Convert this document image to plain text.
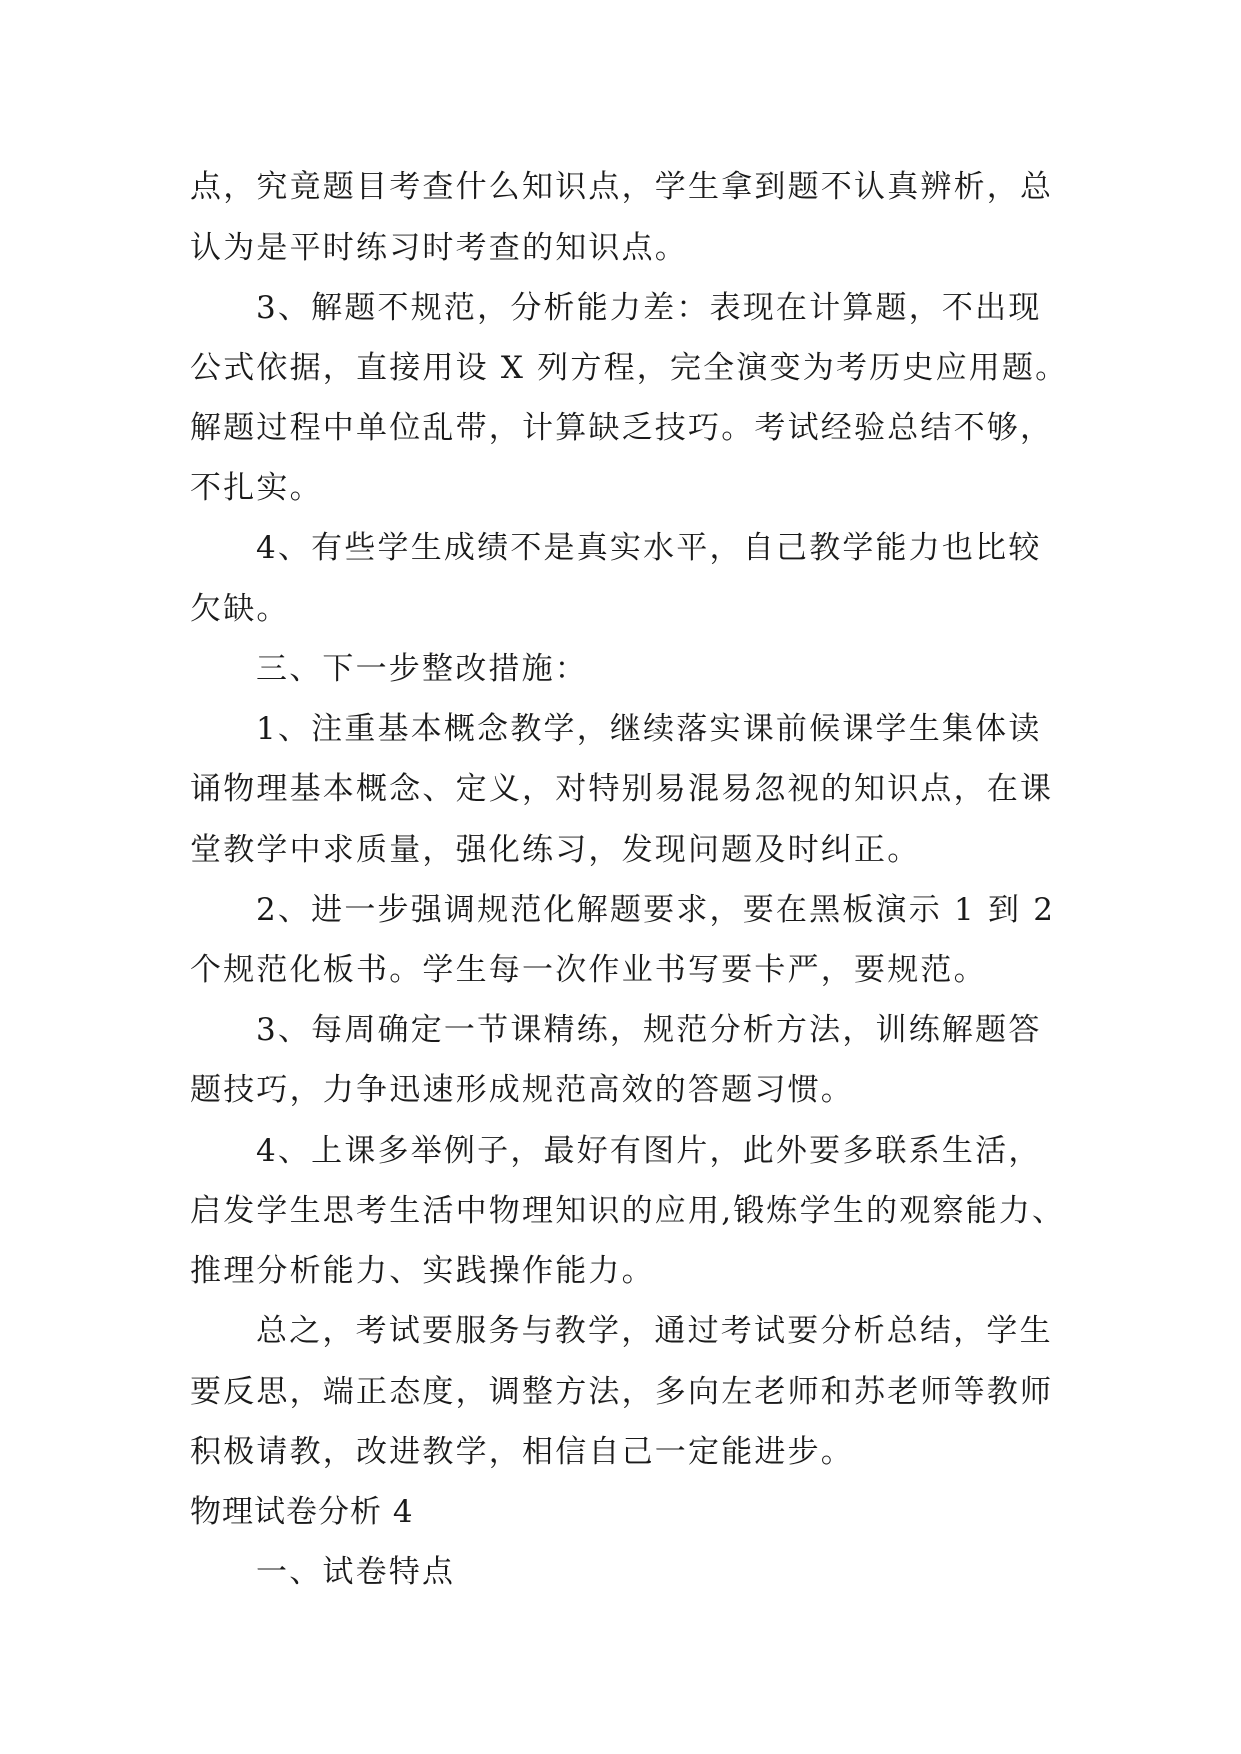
点，究竟题目考查什么知识点，学生拿到题不认真辨析，总
认为是平时练习时考查的知识点。
3、解题不规范，分析能力差：表现在计算题，不出现
公式依据，直接用设 X 列方程，完全演变为考历史应用题。
解题过程中单位乱带，计算缺乏技巧。考试经验总结不够，
不扎实。
4、有些学生成绩不是真实水平，自己教学能力也比较
欠缺。
三、下一步整改措施：
1、注重基本概念教学，继续落实课前候课学生集体读
诵物理基本概念、定义，对特别易混易忽视的知识点，在课
堂教学中求质量，强化练习，发现问题及时纠正。
2、进一步强调规范化解题要求，要在黑板演示 1 到 2
个规范化板书。学生每一次作业书写要卡严，要规范。
3、每周确定一节课精练，规范分析方法，训练解题答
题技巧，力争迅速形成规范高效的答题习惯。
4、上课多举例子，最好有图片，此外要多联系生活，
启发学生思考生活中物理知识的应用,锻炼学生的观察能力、
推理分析能力、实践操作能力。
总之，考试要服务与教学，通过考试要分析总结，学生
要反思，端正态度，调整方法，多向左老师和苏老师等教师
积极请教，改进教学，相信自己一定能进步。
物理试卷分析 4
一、试卷特点
